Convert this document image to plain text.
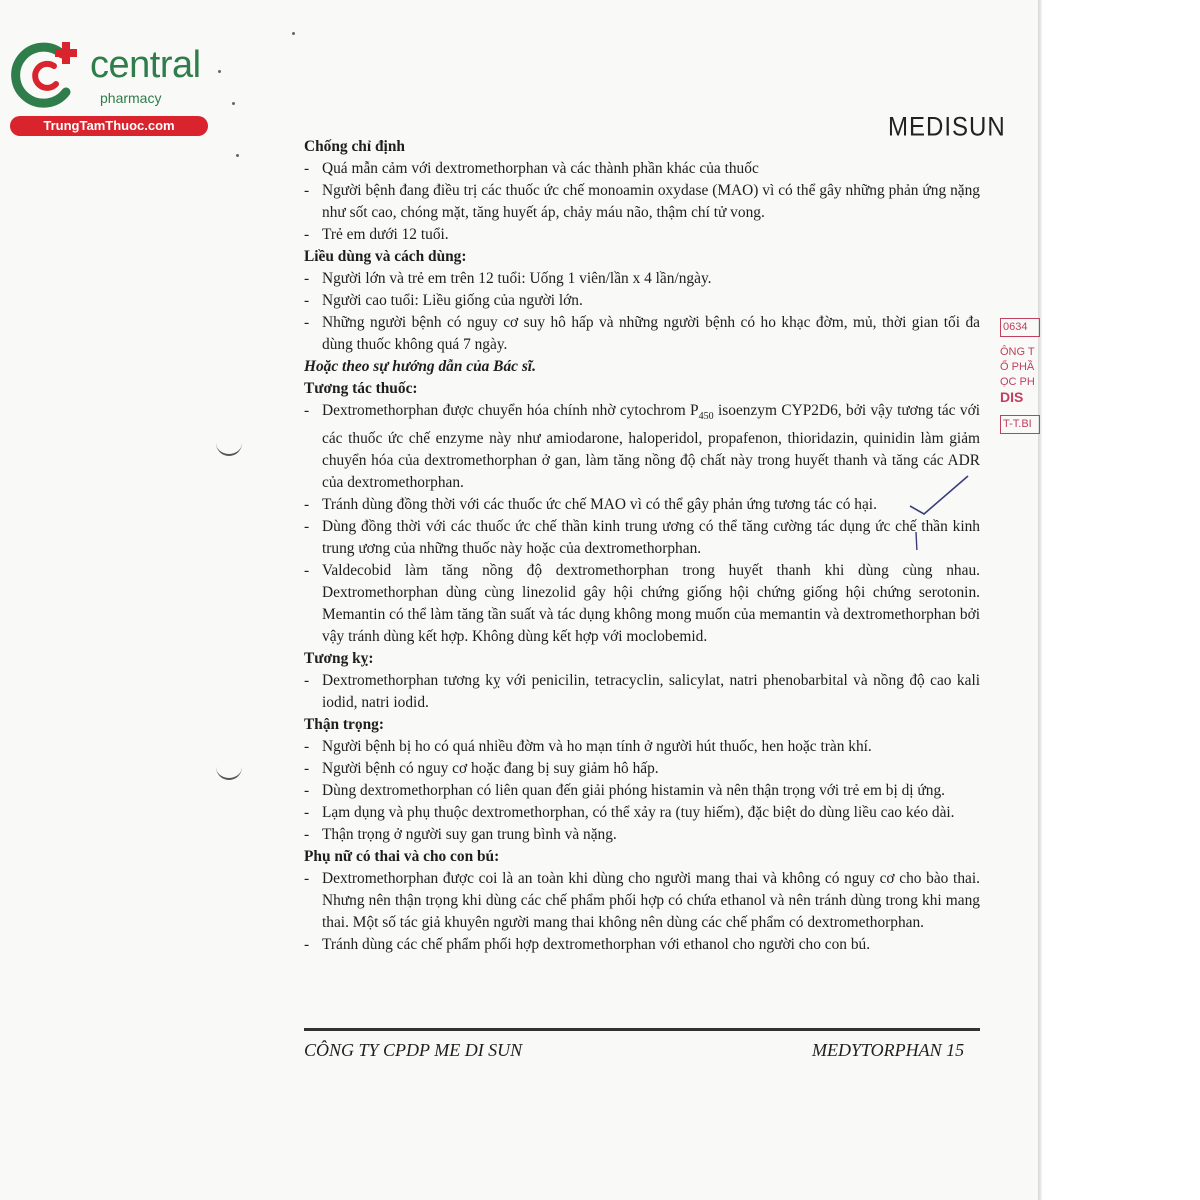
central
pharmacy
TrungTamThuoc.com	MEDISUN
0634
ÔNG T
Ổ PHẦ
ỌC PH
DIS
T-T.BI

Chống chỉ định

- Quá mẫn cảm với dextromethorphan và các thành phần khác của thuốc

- Người bệnh đang điều trị các thuốc ức chế monoamin oxydase (MAO) vì có thể gây những phản ứng nặng như sốt cao, chóng mặt, tăng huyết áp, chảy máu não, thậm chí tử vong.

- Trẻ em dưới 12 tuổi.

Liều dùng và cách dùng:

- Người lớn và trẻ em trên 12 tuổi: Uống 1 viên/lần x 4 lần/ngày.

- Người cao tuổi: Liều giống của người lớn.

- Những người bệnh có nguy cơ suy hô hấp và những người bệnh có ho khạc đờm, mủ, thời gian tối đa dùng thuốc không quá 7 ngày.

Hoặc theo sự hướng dẫn của Bác sĩ.

Tương tác thuốc:

- Dextromethorphan được chuyển hóa chính nhờ cytochrom $P_{450}$ isoenzym CYP2D6, bởi vậy tương tác với các thuốc ức chế enzyme này như amiodarone, haloperidol, propafenon, thioridazin, quinidin làm giảm chuyển hóa của dextromethorphan ở gan, làm tăng nồng độ chất này trong huyết thanh và tăng các ADR của dextromethorphan.

- Tránh dùng đồng thời với các thuốc ức chế MAO vì có thể gây phản ứng tương tác có hại.

- Dùng đồng thời với các thuốc ức chế thần kinh trung ương có thể tăng cường tác dụng ức chế thần kinh trung ương của những thuốc này hoặc của dextromethorphan.

- Valdecobid làm tăng nồng độ dextromethorphan trong huyết thanh khi dùng cùng nhau. Dextromethorphan dùng cùng linezolid gây hội chứng giống hội chứng giống hội chứng serotonin. Memantin có thể làm tăng tần suất và tác dụng không mong muốn của memantin và dextromethorphan bởi vậy tránh dùng kết hợp. Không dùng kết hợp với moclobemid.

Tương kỵ:

- Dextromethorphan tương kỵ với penicilin, tetracyclin, salicylat, natri phenobarbital và nồng độ cao kali iodid, natri iodid.

Thận trọng:

- Người bệnh bị ho có quá nhiều đờm và ho mạn tính ở người hút thuốc, hen hoặc tràn khí.

- Người bệnh có nguy cơ hoặc đang bị suy giảm hô hấp.

- Dùng dextromethorphan có liên quan đến giải phóng histamin và nên thận trọng với trẻ em bị dị ứng.

- Lạm dụng và phụ thuộc dextromethorphan, có thể xảy ra (tuy hiếm), đặc biệt do dùng liều cao kéo dài.

- Thận trọng ở người suy gan trung bình và nặng.

Phụ nữ có thai và cho con bú:

- Dextromethorphan được coi là an toàn khi dùng cho người mang thai và không có nguy cơ cho bào thai. Nhưng nên thận trọng khi dùng các chế phẩm phối hợp có chứa ethanol và nên tránh dùng trong khi mang thai. Một số tác giả khuyên người mang thai không nên dùng các chế phẩm có dextromethorphan.

- Tránh dùng các chế phẩm phối hợp dextromethorphan với ethanol cho người cho con bú.

CÔNG TY CPDP ME DI SUN	MEDYTORPHAN 15
